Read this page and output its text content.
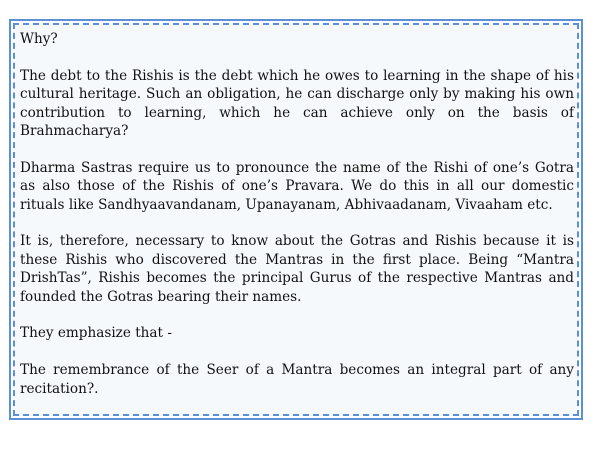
Why?

The debt to the Rishis is the debt which he owes to learning in the shape of his cultural heritage. Such an obligation, he can discharge only by making his own contribution to learning, which he can achieve only on the basis of Brahmacharya?

Dharma Sastras require us to pronounce the name of the Rishi of one’s Gotra as also those of the Rishis of one’s Pravara. We do this in all our domestic rituals like Sandhyaavandanam, Upanayanam, Abhivaadanam, Vivaaham etc.

It is, therefore, necessary to know about the Gotras and Rishis because it is these Rishis who discovered the Mantras in the first place. Being “Mantra DrishTas”, Rishis becomes the principal Gurus of the respective Mantras and founded the Gotras bearing their names.

They emphasize that -

The remembrance of the Seer of a Mantra becomes an integral part of any recitation?.
